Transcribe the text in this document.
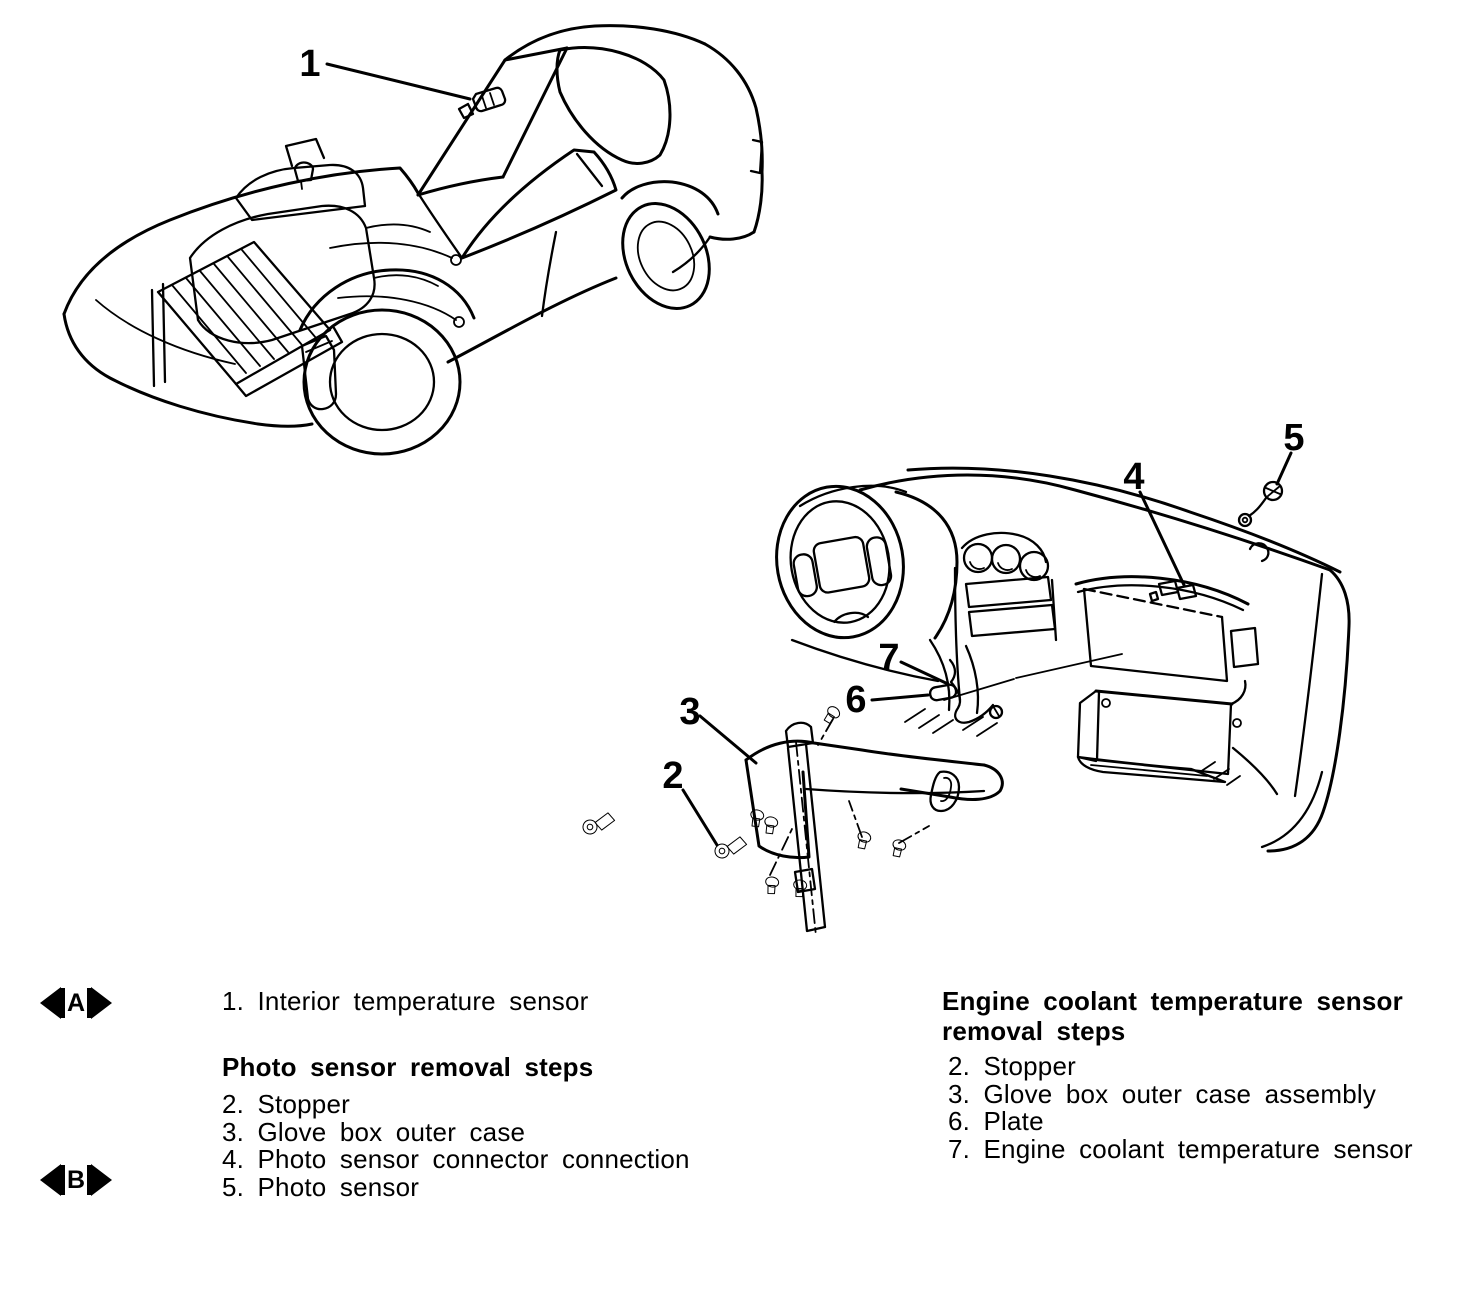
1
2
3
4
5
6
7
A
B
1. Interior temperature sensor
Photo sensor removal steps
2. Stopper
3. Glove box outer case
4. Photo sensor connector connection
5. Photo sensor
Engine coolant temperature sensor
removal steps
2. Stopper
3. Glove box outer case assembly
6. Plate
7. Engine coolant temperature sensor
